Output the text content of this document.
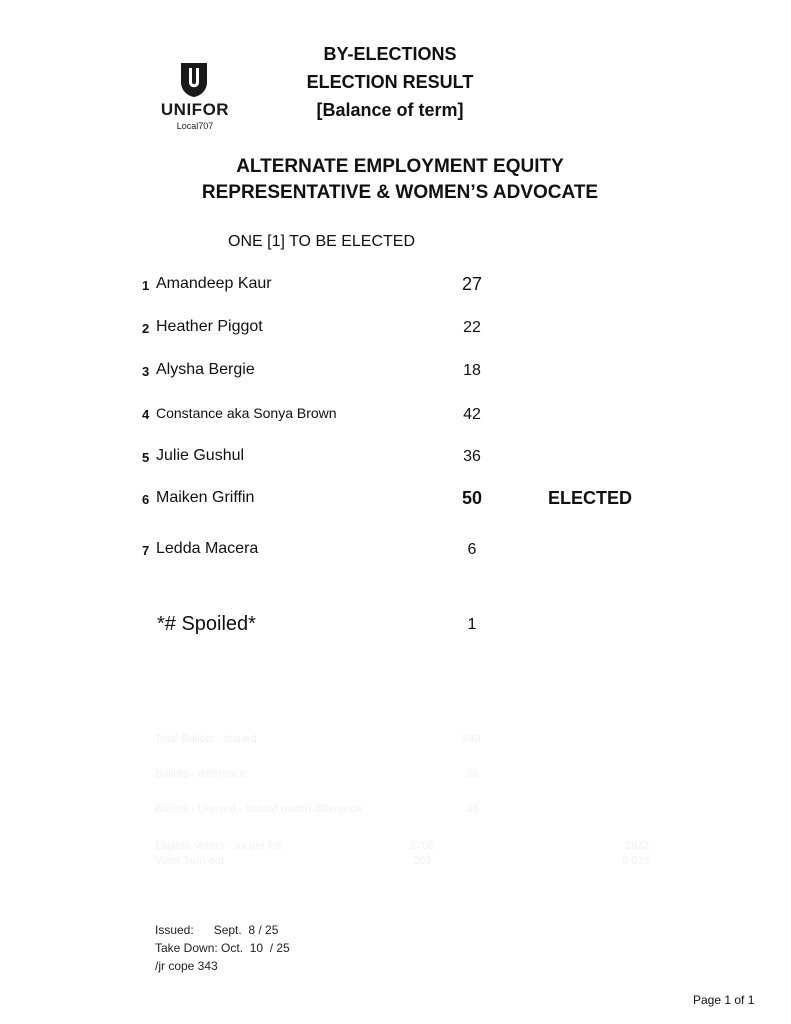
UNIFOR
Local707
BY-ELECTIONS
ELECTION RESULT
[Balance of term]
ALTERNATE EMPLOYMENT EQUITY
REPRESENTATIVE & WOMEN’S ADVOCATE
ONE [1] TO BE ELECTED
1 Amandeep Kaur	27
2 Heather Piggot	22
3 Alysha Bergie	18
4 Constance aka Sonya Brown	42
5 Julie Gushul	36
6 Maiken Griffin	50	ELECTED
7 Ledda Macera	6
*# Spoiled*	1
Total Ballots - Issued	240
Ballots - difference	38
Ballots - Unused - should match difference	38
Eligible Voters - as per list	2708	2832
Voter Turn out	202	0.033
Issued:      Sept.  8 / 25
Take Down: Oct.  10  / 25
/jr cope 343
Page 1 of 1
